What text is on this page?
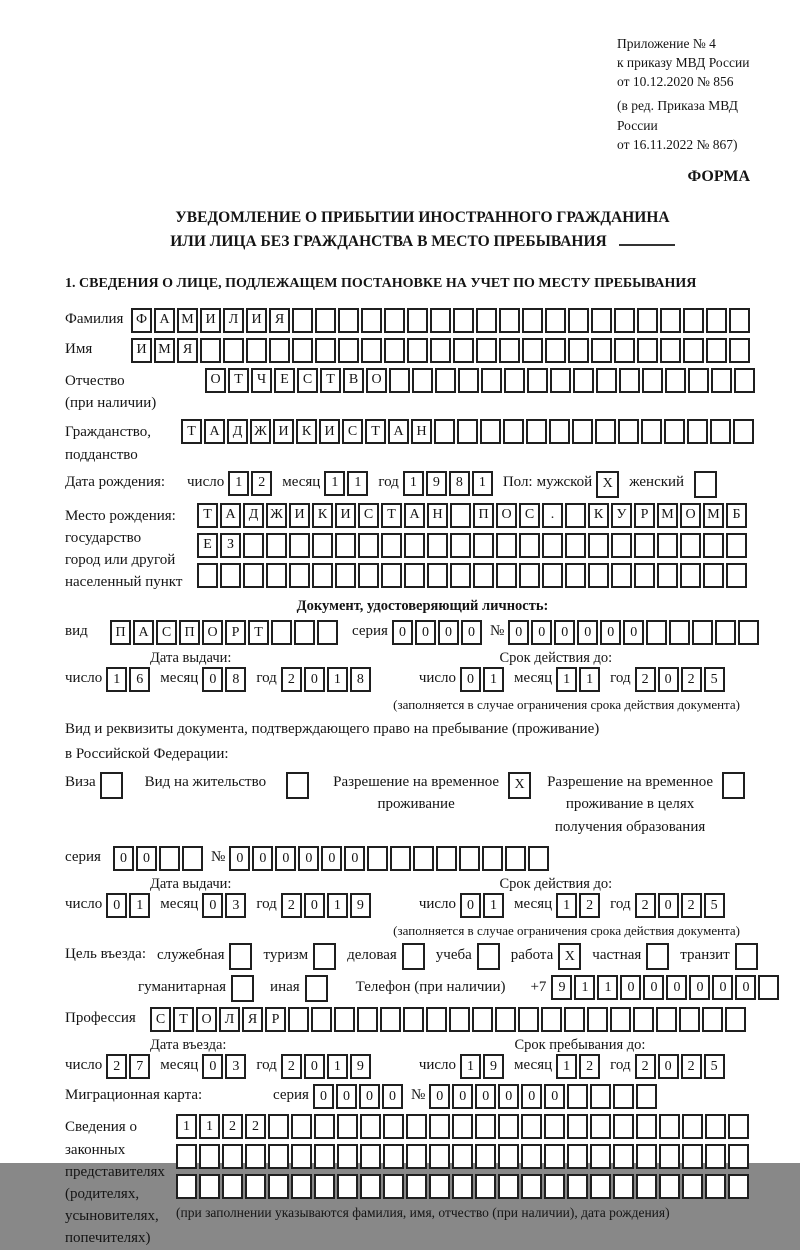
Приложение № 4
к приказу МВД России
от 10.12.2020 № 856
(в ред. Приказа МВД России
от 16.11.2022 № 867)
ФОРМА
УВЕДОМЛЕНИЕ О ПРИБЫТИИ ИНОСТРАННОГО ГРАЖДАНИНА
ИЛИ ЛИЦА БЕЗ ГРАЖДАНСТВА В МЕСТО ПРЕБЫВАНИЯ
1. СВЕДЕНИЯ О ЛИЦЕ, ПОДЛЕЖАЩЕМ ПОСТАНОВКЕ НА УЧЕТ ПО МЕСТУ ПРЕБЫВАНИЯ
Фамилия Ф А М И Л И Я
Имя	И М Я
Отчество
(при наличии)
О Т	Ч	Е	С	Т	В О
Гражданство,
подданство
Т А Д Ж И К И С	Т А Н
Дата рождения:	число 1	2	месяц 1	1	год 1	9	8	1	Пол: мужской X	женский
Место рождения:
государство
город или другой
населенный пункт
Т А Д Ж И К И С	Т А Н	П О С	.	К У	Р М О М Б
Е	З
Документ, удостоверяющий личность:
вид	П А С П О	Р	Т	серия 0	0	0	0	№ 0	0	0	0	0	0
Дата выдачи:	Срок действия до:
число 1	6	месяц 0	8	год 2	0	1	8	число 0	1	месяц 1	1	год 2	0	2	5
(заполняется в случае ограничения срока действия документа)
Вид и реквизиты документа, подтверждающего право на пребывание (проживание)
в Российской Федерации:
Виза	Вид на жительство	Разрешение на временное
проживание
X	Разрешение на временное
проживание в целях
получения образования
серия	0	0	№ 0	0	0	0	0	0
Дата выдачи:	Срок действия до:
число 0	1	месяц 0	3	год 2	0	1	9	число 0	1	месяц 1	2	год 2	0	2	5
(заполняется в случае ограничения срока действия документа)
Цель въезда: служебная	туризм	деловая	учеба	работа X	частная	транзит
гуманитарная	иная	Телефон (при наличии) +7 9	1	1	0	0	0	0	0	0
Профессия	С	Т О Л Я	Р
Дата въезда:	Срок пребывания до:
число 2	7	месяц 0	3	год 2	0	1	9	число 1	9	месяц 1	2	год 2	0	2	5
Миграционная карта:	серия 0	0	0	0	№ 0	0	0	0	0	0
Сведения о
законных
представителях
(родителях,
усыновителях,
попечителях)
1	1	2	2
(при заполнении указываются фамилия, имя, отчество (при наличии), дата рождения)
